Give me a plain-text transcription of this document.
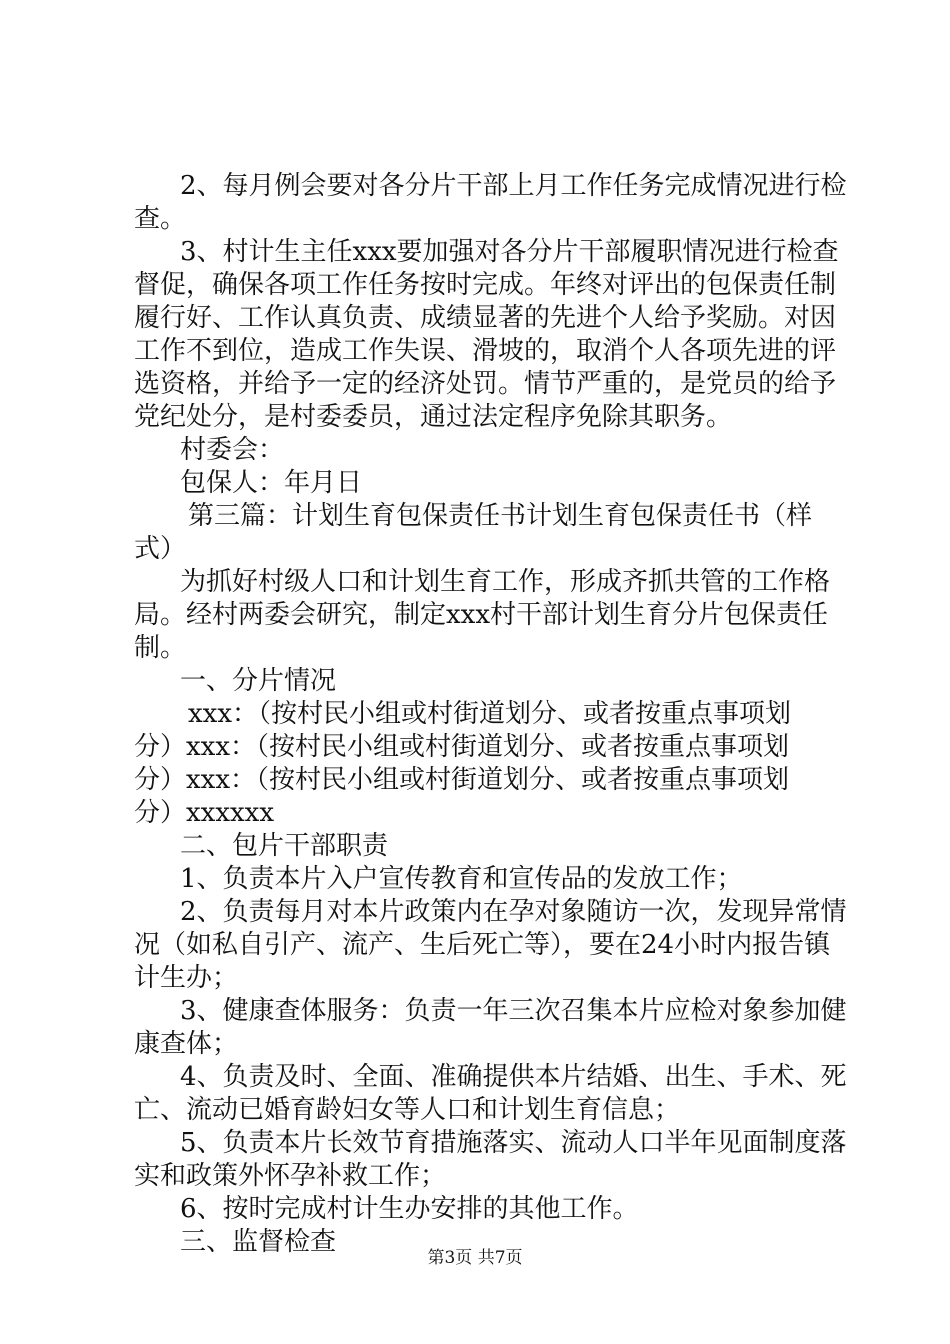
2、每月例会要对各分片干部上月工作任务完成情况进行检
查。
3、村计生主任xxx要加强对各分片干部履职情况进行检查
督促，确保各项工作任务按时完成。年终对评出的包保责任制
履行好、工作认真负责、成绩显著的先进个人给予奖励。对因
工作不到位，造成工作失误、滑坡的，取消个人各项先进的评
选资格，并给予一定的经济处罚。情节严重的，是党员的给予
党纪处分，是村委委员，通过法定程序免除其职务。
村委会：
包保人：年月日
第三篇：计划生育包保责任书计划生育包保责任书（样
式）
为抓好村级人口和计划生育工作，形成齐抓共管的工作格
局。经村两委会研究，制定xxx村干部计划生育分片包保责任
制。
一、分片情况
xxx：（按村民小组或村街道划分、或者按重点事项划
分）xxx：（按村民小组或村街道划分、或者按重点事项划
分）xxx：（按村民小组或村街道划分、或者按重点事项划
分）xxxxxx
二、包片干部职责
1、负责本片入户宣传教育和宣传品的发放工作；
2、负责每月对本片政策内在孕对象随访一次，发现异常情
况（如私自引产、流产、生后死亡等），要在24小时内报告镇
计生办；
3、健康查体服务：负责一年三次召集本片应检对象参加健
康查体；
4、负责及时、全面、准确提供本片结婚、出生、手术、死
亡、流动已婚育龄妇女等人口和计划生育信息；
5、负责本片长效节育措施落实、流动人口半年见面制度落
实和政策外怀孕补救工作；
6、按时完成村计生办安排的其他工作。
三、监督检查
第3页 共7页
